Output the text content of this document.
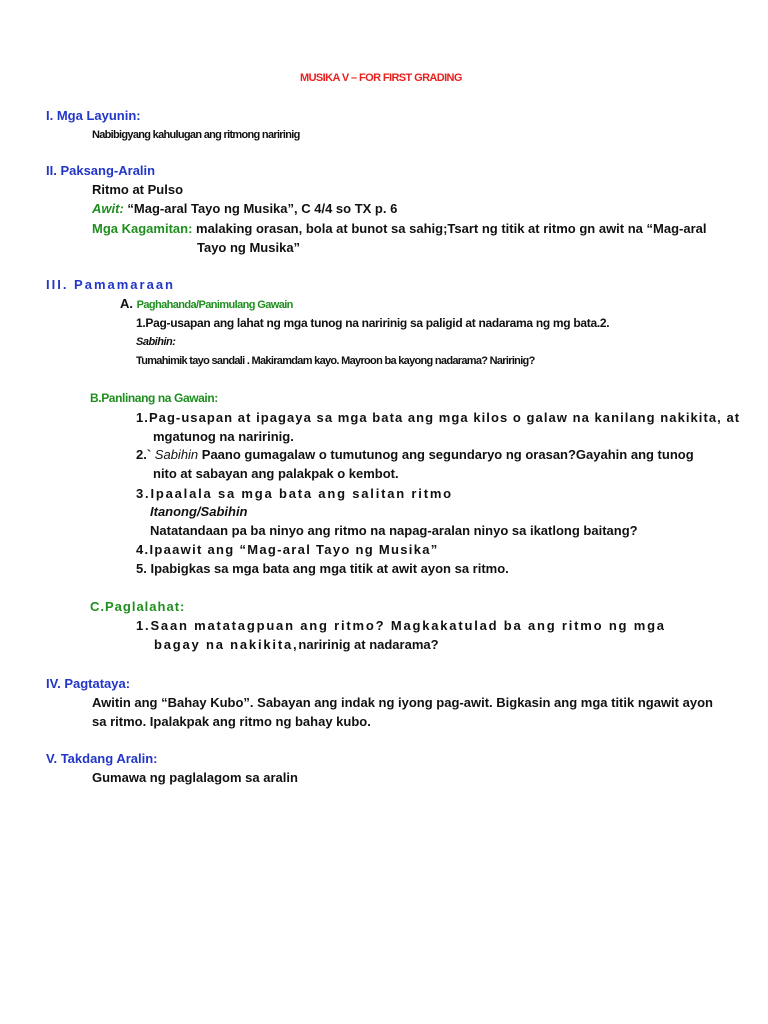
MUSIKA V – FOR FIRST GRADING
I. Mga Layunin:
Nabibigyang kahulugan ang ritmong naririnig
II. Paksang-Aralin
Ritmo at Pulso
Awit: “Mag-aral Tayo ng Musika”, C 4/4 so TX p. 6
Mga Kagamitan: malaking orasan, bola at bunot sa sahig;Tsart ng titik at ritmo gn awit na “Mag-aral
Tayo ng Musika”
III. Pamamaraan
A. Paghahanda/Panimulang Gawain
1.Pag-usapan ang lahat ng mga tunog na naririnig sa paligid at nadarama ng mg bata.2.
Sabihin:
Tumahimik tayo sandali . Makiramdam kayo. Mayroon ba kayong nadarama? Naririnig?
B.Panlinang na Gawain:
1.Pag-usapan at ipagaya sa mga bata ang mga kilos o galaw na kanilang nakikita, at
mgatunog na naririnig.
2.` Sabihin Paano gumagalaw o tumutunog ang segundaryo ng orasan?Gayahin ang tunog
nito at sabayan ang palakpak o kembot.
3.Ipaalala sa mga bata ang salitan ritmo
Itanong/Sabihin
Natatandaan pa ba ninyo ang ritmo na napag-aralan ninyo sa ikatlong baitang?
4.Ipaawit ang “Mag-aral Tayo ng Musika”
5. Ipabigkas sa mga bata ang mga titik at awit ayon sa ritmo.
C.Paglalahat:
1.Saan matatagpuan ang ritmo? Magkakatulad ba ang ritmo ng mga
bagay na nakikita,naririnig at nadarama?
IV. Pagtataya:
Awitin ang “Bahay Kubo”. Sabayan ang indak ng iyong pag-awit. Bigkasin ang mga titik ngawit ayon
sa ritmo. Ipalakpak ang ritmo ng bahay kubo.
V. Takdang Aralin:
Gumawa ng paglalagom sa aralin
